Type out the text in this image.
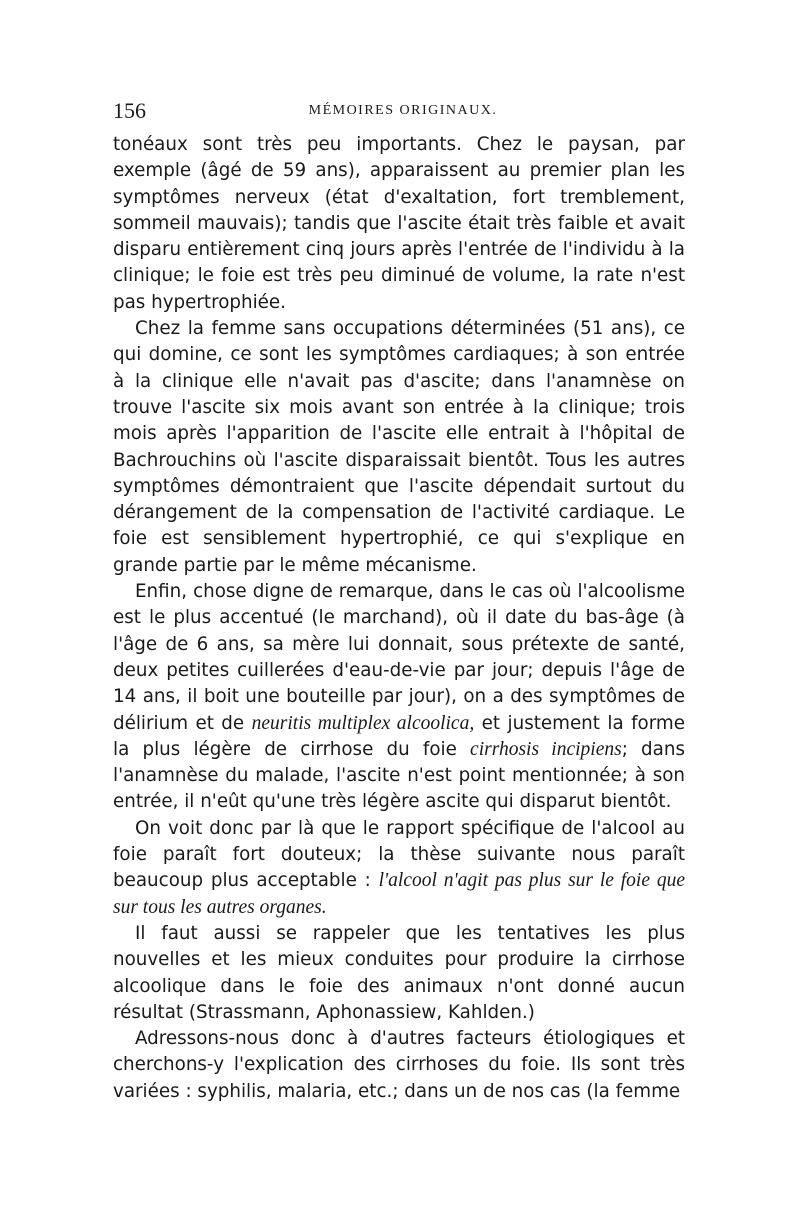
156	MÉMOIRES ORIGINAUX.

tonéaux sont très peu importants. Chez le paysan, par exemple (âgé de 59 ans), apparaissent au premier plan les symptômes nerveux (état d'exaltation, fort tremblement, sommeil mauvais); tandis que l'ascite était très faible et avait disparu entièrement cinq jours après l'entrée de l'individu à la clinique; le foie est très peu diminué de volume, la rate n'est pas hypertrophiée.

Chez la femme sans occupations déterminées (51 ans), ce qui domine, ce sont les symptômes cardiaques; à son entrée à la clinique elle n'avait pas d'ascite; dans l'anamnèse on trouve l'ascite six mois avant son entrée à la clinique; trois mois après l'apparition de l'ascite elle entrait à l'hôpital de Bachrouchins où l'ascite disparaissait bientôt. Tous les autres symptômes démontraient que l'ascite dépendait surtout du dérangement de la compensation de l'activité cardiaque. Le foie est sensiblement hypertrophié, ce qui s'explique en grande partie par le même mécanisme.

Enfin, chose digne de remarque, dans le cas où l'alcoolisme est le plus accentué (le marchand), où il date du bas-âge (à l'âge de 6 ans, sa mère lui donnait, sous prétexte de santé, deux petites cuillerées d'eau-de-vie par jour; depuis l'âge de 14 ans, il boit une bouteille par jour), on a des symptômes de délirium et de neuritis multiplex alcoolica, et justement la forme la plus légère de cirrhose du foie cirrhosis incipiens; dans l'anamnèse du malade, l'ascite n'est point mentionnée; à son entrée, il n'eût qu'une très légère ascite qui disparut bientôt.

On voit donc par là que le rapport spécifique de l'alcool au foie paraît fort douteux; la thèse suivante nous paraît beaucoup plus acceptable : l'alcool n'agit pas plus sur le foie que sur tous les autres organes.

Il faut aussi se rappeler que les tentatives les plus nouvelles et les mieux conduites pour produire la cirrhose alcoolique dans le foie des animaux n'ont donné aucun résultat (Strassmann, Aphonassiew, Kahlden.)

Adressons-nous donc à d'autres facteurs étiologiques et cherchons-y l'explication des cirrhoses du foie. Ils sont très variées : syphilis, malaria, etc.; dans un de nos cas (la femme
